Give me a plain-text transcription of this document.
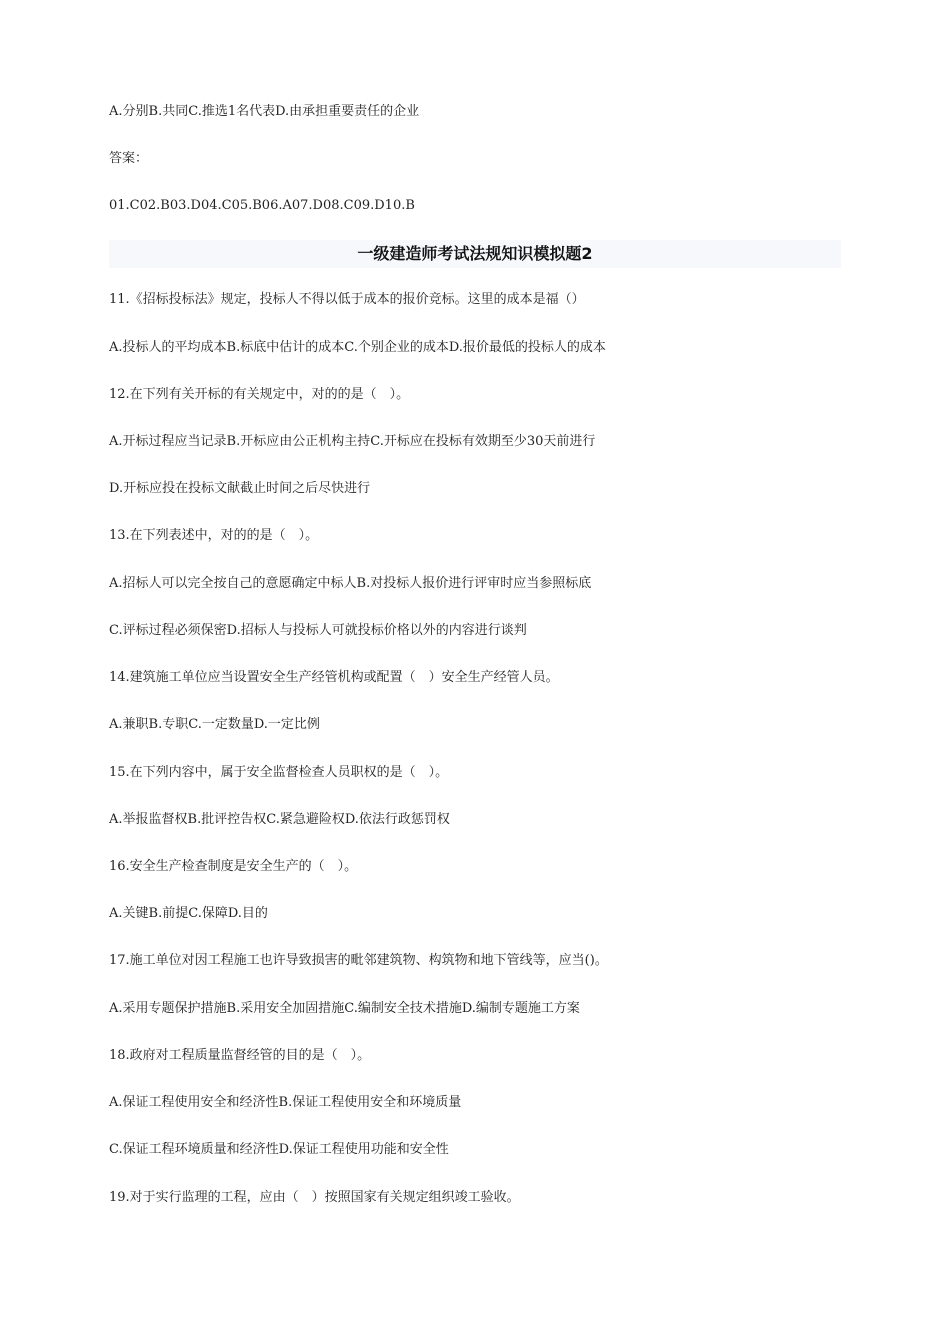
A.分别B.共同C.推选1名代表D.由承担重要责任的企业
答案：
01.C02.B03.D04.C05.B06.A07.D08.C09.D10.B
一级建造师考试法规知识模拟题2
11.《招标投标法》规定，投标人不得以低于成本的报价竞标。这里的成本是福（）
A.投标人的平均成本B.标底中估计的成本C.个别企业的成本D.报价最低的投标人的成本
12.在下列有关开标的有关规定中，对的的是（　）。
A.开标过程应当记录B.开标应由公正机构主持C.开标应在投标有效期至少30天前进行
D.开标应投在投标文献截止时间之后尽快进行
13.在下列表述中，对的的是（　）。
A.招标人可以完全按自己的意愿确定中标人B.对投标人报价进行评审时应当参照标底
C.评标过程必须保密D.招标人与投标人可就投标价格以外的内容进行谈判
14.建筑施工单位应当设置安全生产经管机构或配置（　）安全生产经管人员。
A.兼职B.专职C.一定数量D.一定比例
15.在下列内容中，属于安全监督检查人员职权的是（　）。
A.举报监督权B.批评控告权C.紧急避险权D.依法行政惩罚权
16.安全生产检查制度是安全生产的（　）。
A.关键B.前提C.保障D.目的
17.施工单位对因工程施工也许导致损害的毗邻建筑物、构筑物和地下管线等，应当()。
A.采用专题保护措施B.采用安全加固措施C.编制安全技术措施D.编制专题施工方案
18.政府对工程质量监督经管的目的是（　）。
A.保证工程使用安全和经济性B.保证工程使用安全和环境质量
C.保证工程环境质量和经济性D.保证工程使用功能和安全性
19.对于实行监理的工程，应由（　）按照国家有关规定组织竣工验收。
